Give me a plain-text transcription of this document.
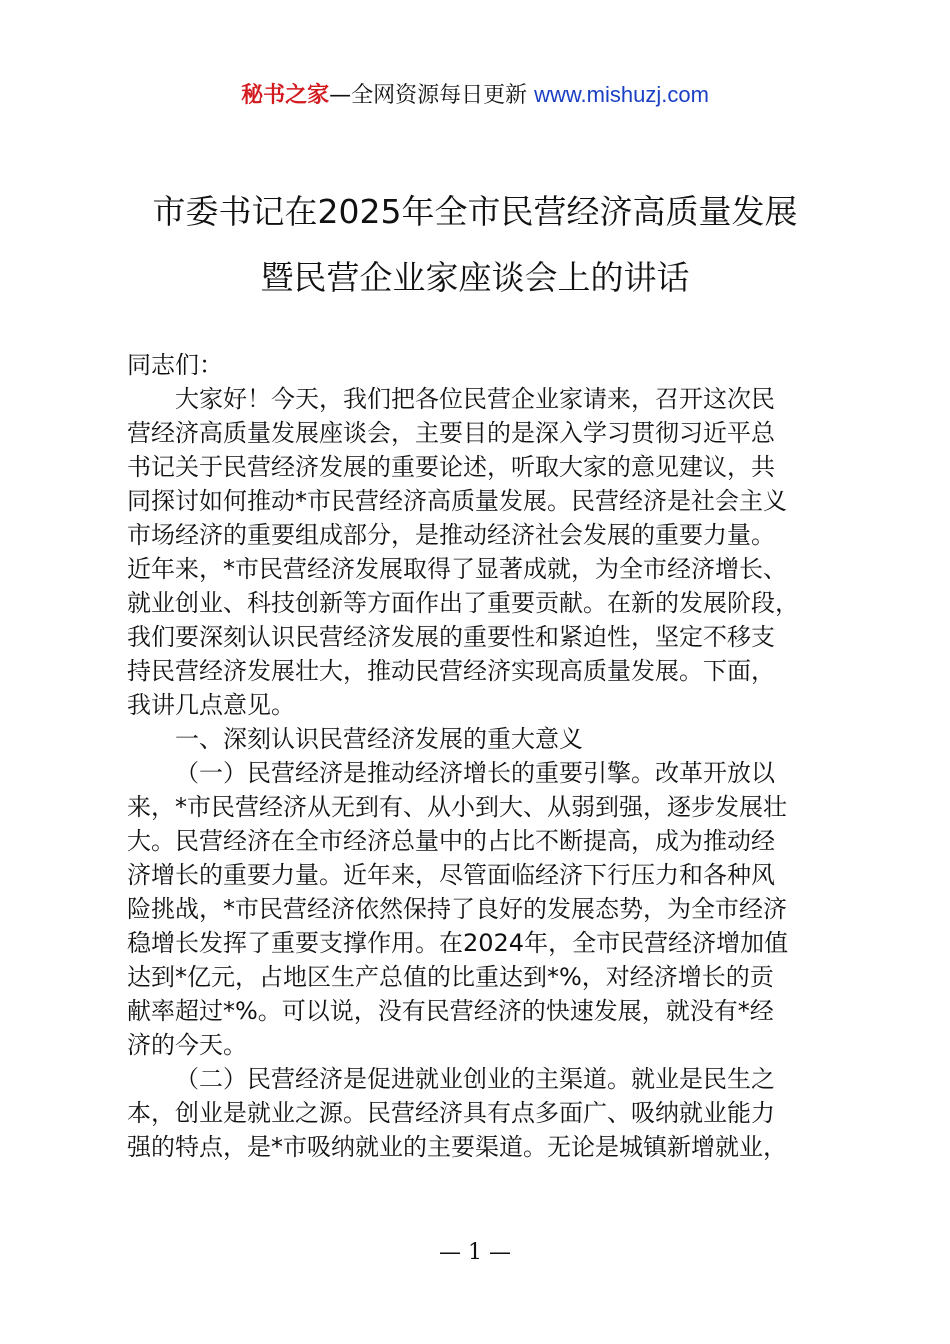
秘书之家—全网资源每日更新 www.mishuzj.com
市委书记在2025年全市民营经济高质量发展
暨民营企业家座谈会上的讲话

同志们：

大家好！今天，我们把各位民营企业家请来，召开这次民

营经济高质量发展座谈会，主要目的是深入学习贯彻习近平总

书记关于民营经济发展的重要论述，听取大家的意见建议，共

同探讨如何推动*市民营经济高质量发展。民营经济是社会主义

市场经济的重要组成部分，是推动经济社会发展的重要力量。

近年来，*市民营经济发展取得了显著成就，为全市经济增长、

就业创业、科技创新等方面作出了重要贡献。在新的发展阶段，

我们要深刻认识民营经济发展的重要性和紧迫性，坚定不移支

持民营经济发展壮大，推动民营经济实现高质量发展。下面，

我讲几点意见。

一、深刻认识民营经济发展的重大意义

（一）民营经济是推动经济增长的重要引擎。改革开放以

来，*市民营经济从无到有、从小到大、从弱到强，逐步发展壮

大。民营经济在全市经济总量中的占比不断提高，成为推动经

济增长的重要力量。近年来，尽管面临经济下行压力和各种风

险挑战，*市民营经济依然保持了良好的发展态势，为全市经济

稳增长发挥了重要支撑作用。在2024年，全市民营经济增加值

达到*亿元，占地区生产总值的比重达到*%，对经济增长的贡

献率超过*%。可以说，没有民营经济的快速发展，就没有*经

济的今天。

（二）民营经济是促进就业创业的主渠道。就业是民生之

本，创业是就业之源。民营经济具有点多面广、吸纳就业能力

强的特点，是*市吸纳就业的主要渠道。无论是城镇新增就业，

— 1 —
